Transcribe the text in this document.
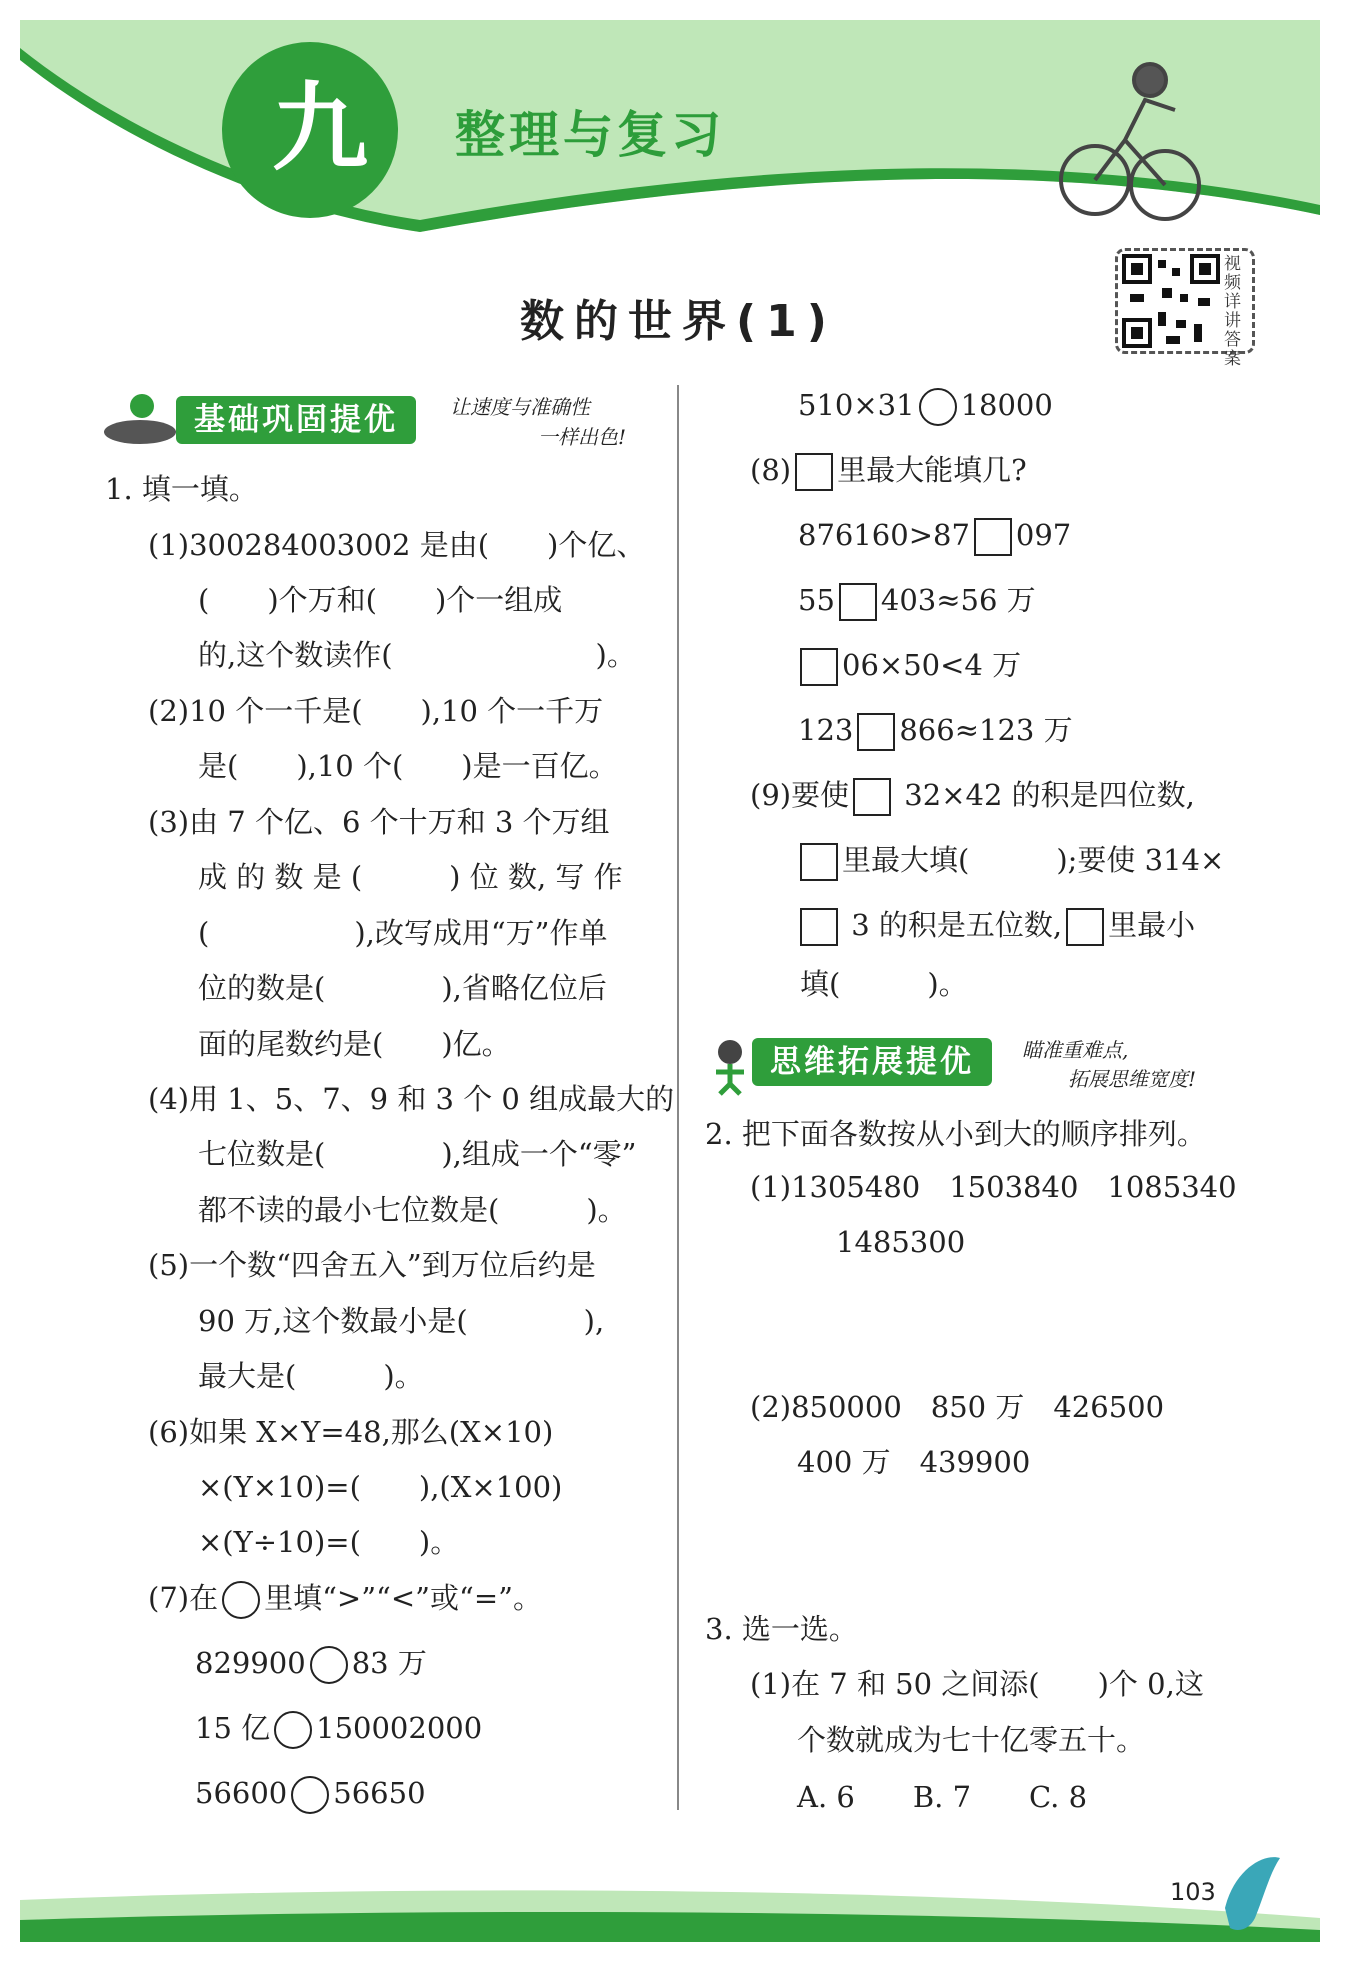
九 整理与复习
数的世界(1)
视频详讲答案
基础巩固提优	让速度与准确性
一样出色!
1. 填一填。
(1)300284003002 是由(　　)个亿、
(　　)个万和(　　)个一组成
的,这个数读作(　　　　　　　)。
(2)10 个一千是(　　),10 个一千万
是(　　),10 个(　　)是一百亿。
(3)由 7 个亿、6 个十万和 3 个万组
成 的 数 是 (　　　) 位 数, 写 作
(　　　　　),改写成用“万”作单
位的数是(　　　　),省略亿位后
面的尾数约是(　　)亿。
(4)用 1、5、7、9 和 3 个 0 组成最大的
七位数是(　　　　),组成一个“零”
都不读的最小七位数是(　　　)。
(5)一个数“四舍五入”到万位后约是
90 万,这个数最小是(　　　　),
最大是(　　　)。
(6)如果 X×Y=48,那么(X×10)
×(Y×10)=(　　),(X×100)
×(Y÷10)=(　　)。
(7)在 里填“>”“<”或“=”。
829900 83 万
15 亿 150002000
56600 56650
510×31 18000
(8) 里最大能填几?
876160>87 097
55 403≈56 万
06×50<4 万
123 866≈123 万
(9)要使 32×42 的积是四位数,
里最大填(　　　);要使 314×
3 的积是五位数, 里最小
填(　　　)。
思维拓展提优	瞄准重难点,
拓展思维宽度!
2. 把下面各数按从小到大的顺序排列。
(1)1305480　1503840　1085340
1485300
(2)850000　850 万　426500
400 万　439900
3. 选一选。
(1)在 7 和 50 之间添(　　)个 0,这
个数就成为七十亿零五十。
A. 6　　B. 7　　C. 8
103
